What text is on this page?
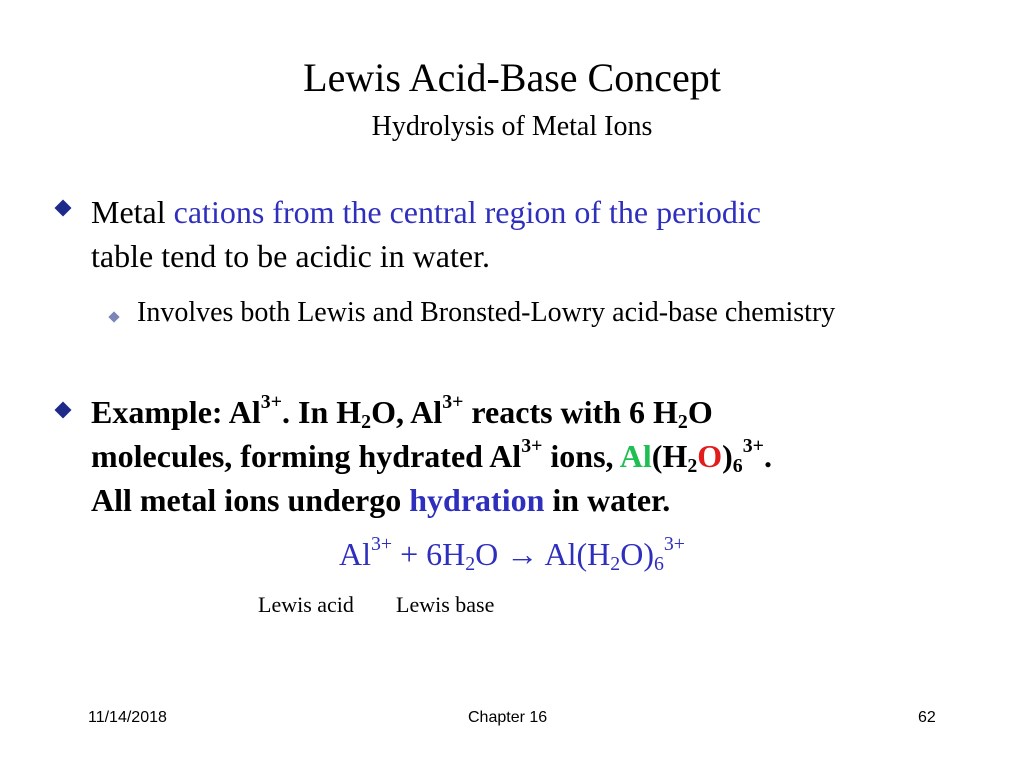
Lewis Acid-Base Concept
Hydrolysis of Metal Ions
Metal cations from the central region of the periodic
table tend to be acidic in water.
Involves both Lewis and Bronsted-Lowry acid-base chemistry
Example: $Al^{3+}$. In $H_2O$, $Al^{3+}$ reacts with 6 $H_2O$
molecules, forming hydrated $Al^{3+}$ ions, $Al(H_2O)_6^{3+}$.
All metal ions undergo hydration in water.
$Al^{3+} + 6H_2O \to Al(H_2O)_6^{3+}$
Lewis acid Lewis base
11/14/2018	Chapter 16	62
